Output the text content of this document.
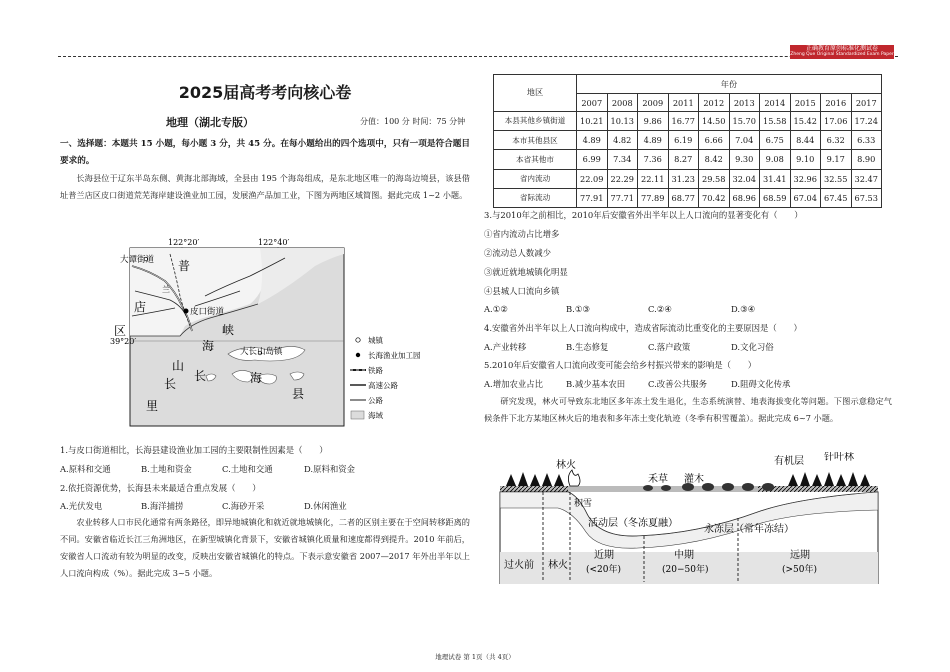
正确教育原创标准化测试卷
Zheng Que Original Standardized Exam Paper
2025届高考考向核心卷
地理（湖北专版）	分值：100 分 时间：75 分钟

一、选择题：本题共 15 小题，每小题 3 分，共 45 分。在每小题给出的四个选项中，只有一项是符合题目要求的。

长海县位于辽东半岛东侧、黄海北部海域，全县由 195 个海岛组成，是东北地区唯一的海岛边境县，该县借址普兰店区皮口街道荒芜海岸建设渔业加工园，发展渔产品加工业，下图为两地区域简图。据此完成 1~2 小题。

122°20′	122°40′
39°20′
大谭街道 普
兰
店
区
皮口街道
峡
海	大长山岛镇
山
长
长	海
里
县
城镇
长海渔业加工园
铁路
高速公路
公路
海域
1.与皮口街道相比，长海县建设渔业加工园的主要限制性因素是（　　）
A.原料和交通	B.土地和资金	C.土地和交通	D.原料和资金
2.依托资源优势，长海县未来最适合重点发展（　　）
A.光伏发电	B.海洋捕捞	C.海砂开采	D.休闲渔业

农业转移人口市民化通常有两条路径，即异地城镇化和就近就地城镇化，二者的区别主要在于空间转移距离的不同。安徽省临近长江三角洲地区，在新型城镇化背景下，安徽省城镇化质量和速度都得到提升。2010 年前后，安徽省人口流动有较为明显的改变，反映出安徽省城镇化的特点。下表示意安徽省 2007—2017 年外出半年以上人口流向构成（%）。据此完成 3~5 小题。

地区	年份									
	2007	2008	2009	2011	2012	2013	2014	2015	2016	2017
本县其他乡镇街道	10.21	10.13	9.86	16.77	14.50	15.70	15.58	15.42	17.06	17.24
本市其他县区	4.89	4.82	4.89	6.19	6.66	7.04	6.75	8.44	6.32	6.33
本省其他市	6.99	7.34	7.36	8.27	8.42	9.30	9.08	9.10	9.17	8.90
省内流动	22.09	22.29	22.11	31.23	29.58	32.04	31.41	32.96	32.55	32.47
省际流动	77.91	77.71	77.89	68.77	70.42	68.96	68.59	67.04	67.45	67.53
3.与2010年之前相比，2010年后安徽省外出半年以上人口流向的显著变化有（　　）
①省内流动占比增多
②流动总人数减少
③就近就地城镇化明显
④县城人口流向乡镇
A.①②	B.①③	C.②④	D.③④
4.安徽省外出半年以上人口流向构成中，造成省际流动比重变化的主要原因是（　　）
A.产业转移	B.生态修复	C.落户政策	D.文化习俗
5.2010年后安徽省人口流向改变可能会给乡村振兴带来的影响是（　　）
A.增加农业占比	B.减少基本农田	C.改善公共服务	D.阻碍文化传承

研究发现，林火可导致东北地区多年冻土发生退化，生态系统演替、地表海拔变化等问题。下图示意稳定气候条件下北方某地区林火后的地表和多年冻土变化轨迹（冬季有积雪覆盖）。据此完成 6~7 小题。

林火
禾草 灌木
有机层 针叶林
积雪
活动层（冬冻夏融）
永冻层（常年冻结）
过火前 林火
近期
(<20年)
中期
(20−50年)
远期
(>50年)
地理试卷 第 1页（共 4页）
